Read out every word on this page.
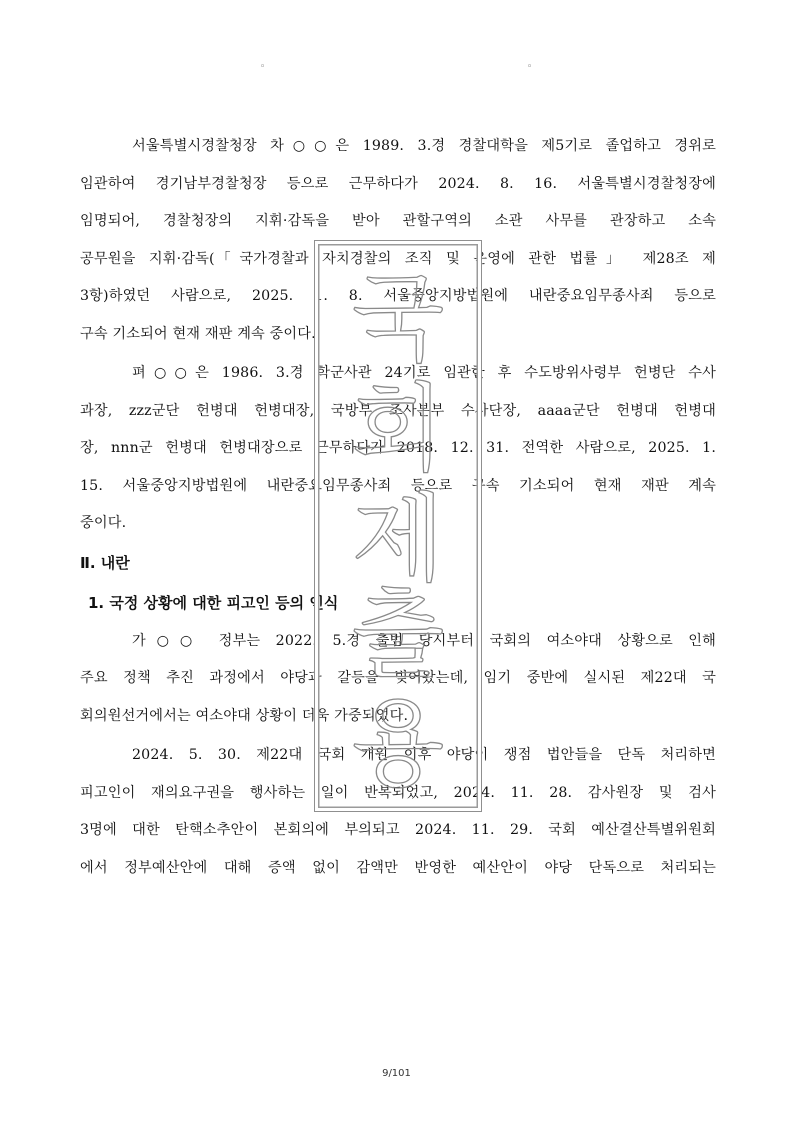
◦	◦
서울특별시경찰청장 차○○은 1989. 3.경 경찰대학을 제5기로 졸업하고 경위로
임관하여 경기남부경찰청장 등으로 근무하다가 2024. 8. 16. 서울특별시경찰청장에
임명되어, 경찰청장의 지휘·감독을 받아 관할구역의 소관 사무를 관장하고 소속
공무원을 지휘·감독(「국가경찰과 자치경찰의 조직 및 운영에 관한 법률」 제28조 제
3항)하였던 사람으로, 2025. 1. 8. 서울중앙지방법원에 내란중요임무종사죄 등으로
구속 기소되어 현재 재판 계속 중이다.
펴○○은 1986. 3.경 학군사관 24기로 임관한 후 수도방위사령부 헌병단 수사
과장, zzz군단 헌병대 헌병대장, 국방부 조사본부 수사단장, aaaa군단 헌병대 헌병대
장, nnn군 헌병대 헌병대장으로 근무하다가 2018. 12. 31. 전역한 사람으로, 2025. 1.
15. 서울중앙지방법원에 내란중요임무종사죄 등으로 구속 기소되어 현재 재판 계속
중이다.
Ⅱ. 내란
1. 국정 상황에 대한 피고인 등의 인식
가○○ 정부는 2022. 5.경 출범 당시부터 국회의 여소야대 상황으로 인해
주요 정책 추진 과정에서 야당과 갈등을 빚어왔는데, 임기 중반에 실시된 제22대 국
회의원선거에서는 여소야대 상황이 더욱 가중되었다.
2024. 5. 30. 제22대 국회 개원 이후 야당이 쟁점 법안들을 단독 처리하면
피고인이 재의요구권을 행사하는 일이 반복되었고, 2024. 11. 28. 감사원장 및 검사
3명에 대한 탄핵소추안이 본회의에 부의되고 2024. 11. 29. 국회 예산결산특별위원회
에서 정부예산안에 대해 증액 없이 감액만 반영한 예산안이 야당 단독으로 처리되는
국
회
제
출
용
9/101
